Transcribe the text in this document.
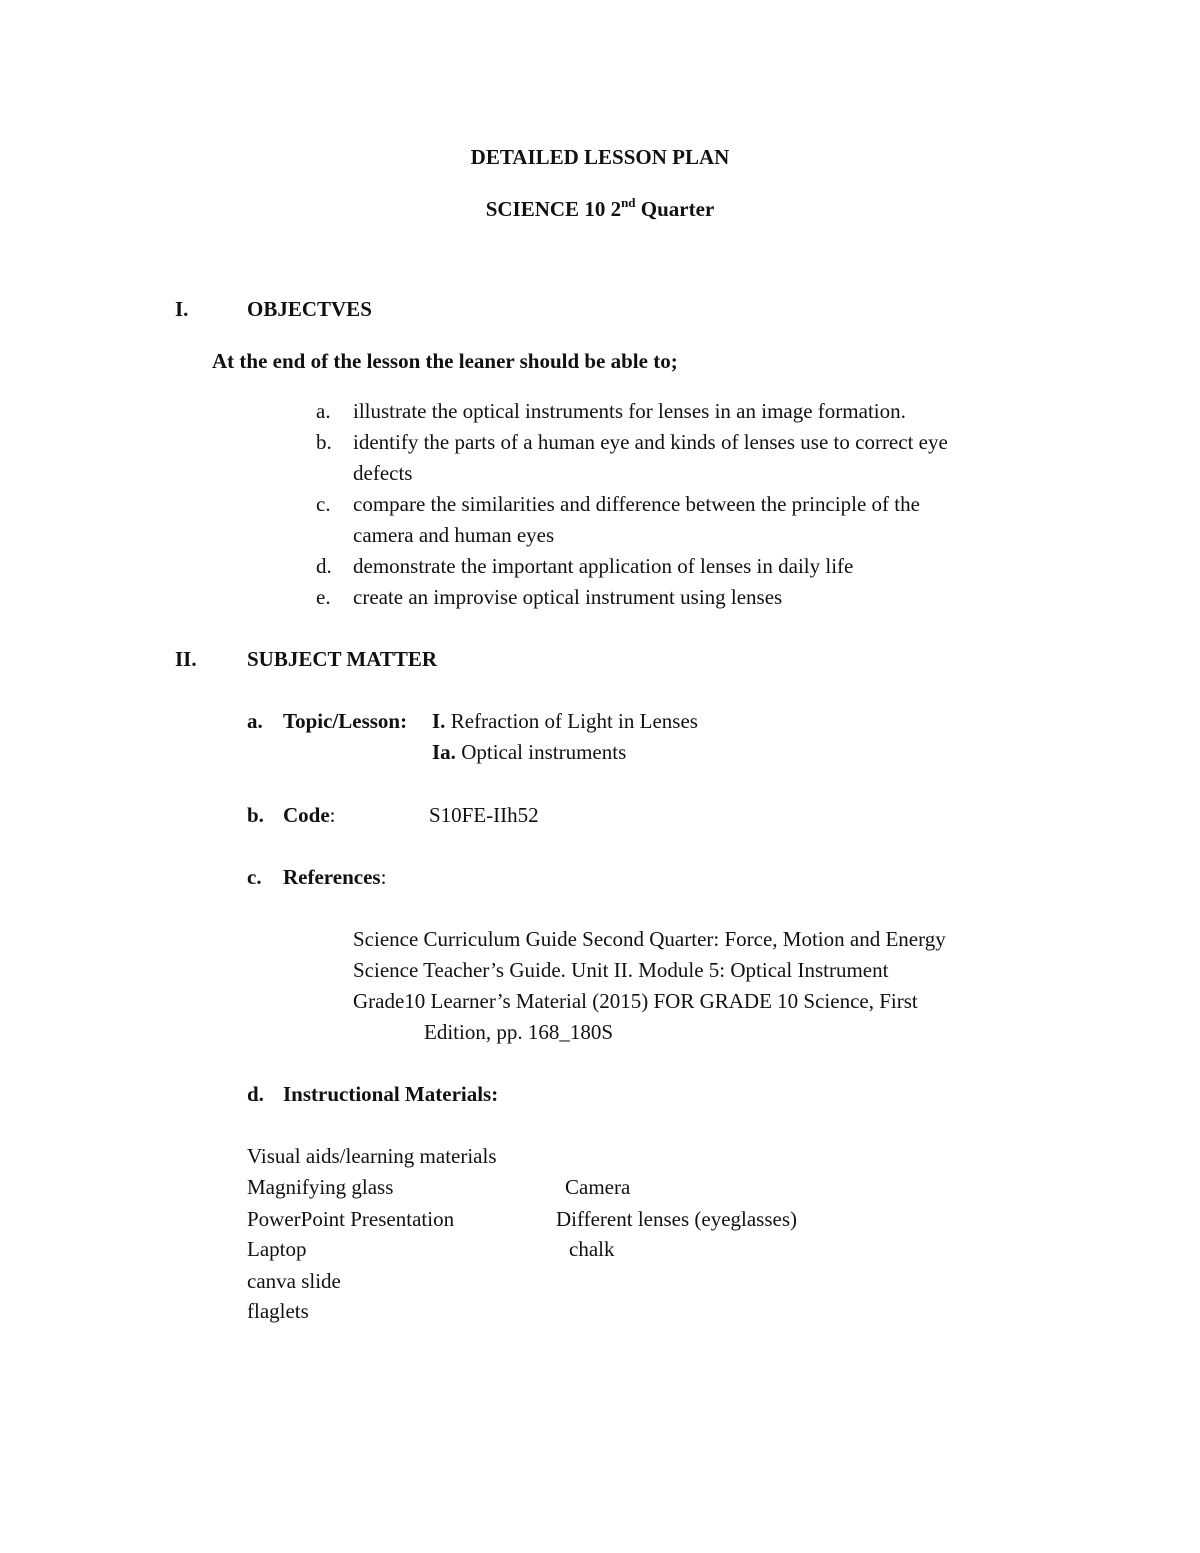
DETAILED LESSON PLAN
SCIENCE 10 2nd Quarter
I.	OBJECTVES
At the end of the lesson the leaner should be able to;
a. illustrate the optical instruments for lenses in an image formation.
b. identify the parts of a human eye and kinds of lenses use to correct eye
defects
c. compare the similarities and difference between the principle of the
camera and human eyes
d. demonstrate the important application of lenses in daily life
e. create an improvise optical instrument using lenses
II. SUBJECT MATTER
a. Topic/Lesson: I. Refraction of Light in Lenses
Ia. Optical instruments
b. Code:	S10FE-IIh52
c. References:
Science Curriculum Guide Second Quarter: Force, Motion and Energy
Science Teacher’s Guide. Unit II. Module 5: Optical Instrument
Grade10 Learner’s Material (2015) FOR GRADE 10 Science, First
Edition, pp. 168_180S
d. Instructional Materials:
Visual aids/learning materials
Magnifying glass
PowerPoint Presentation
Laptop
canva slide
flaglets
Camera
Different lenses (eyeglasses)
chalk
